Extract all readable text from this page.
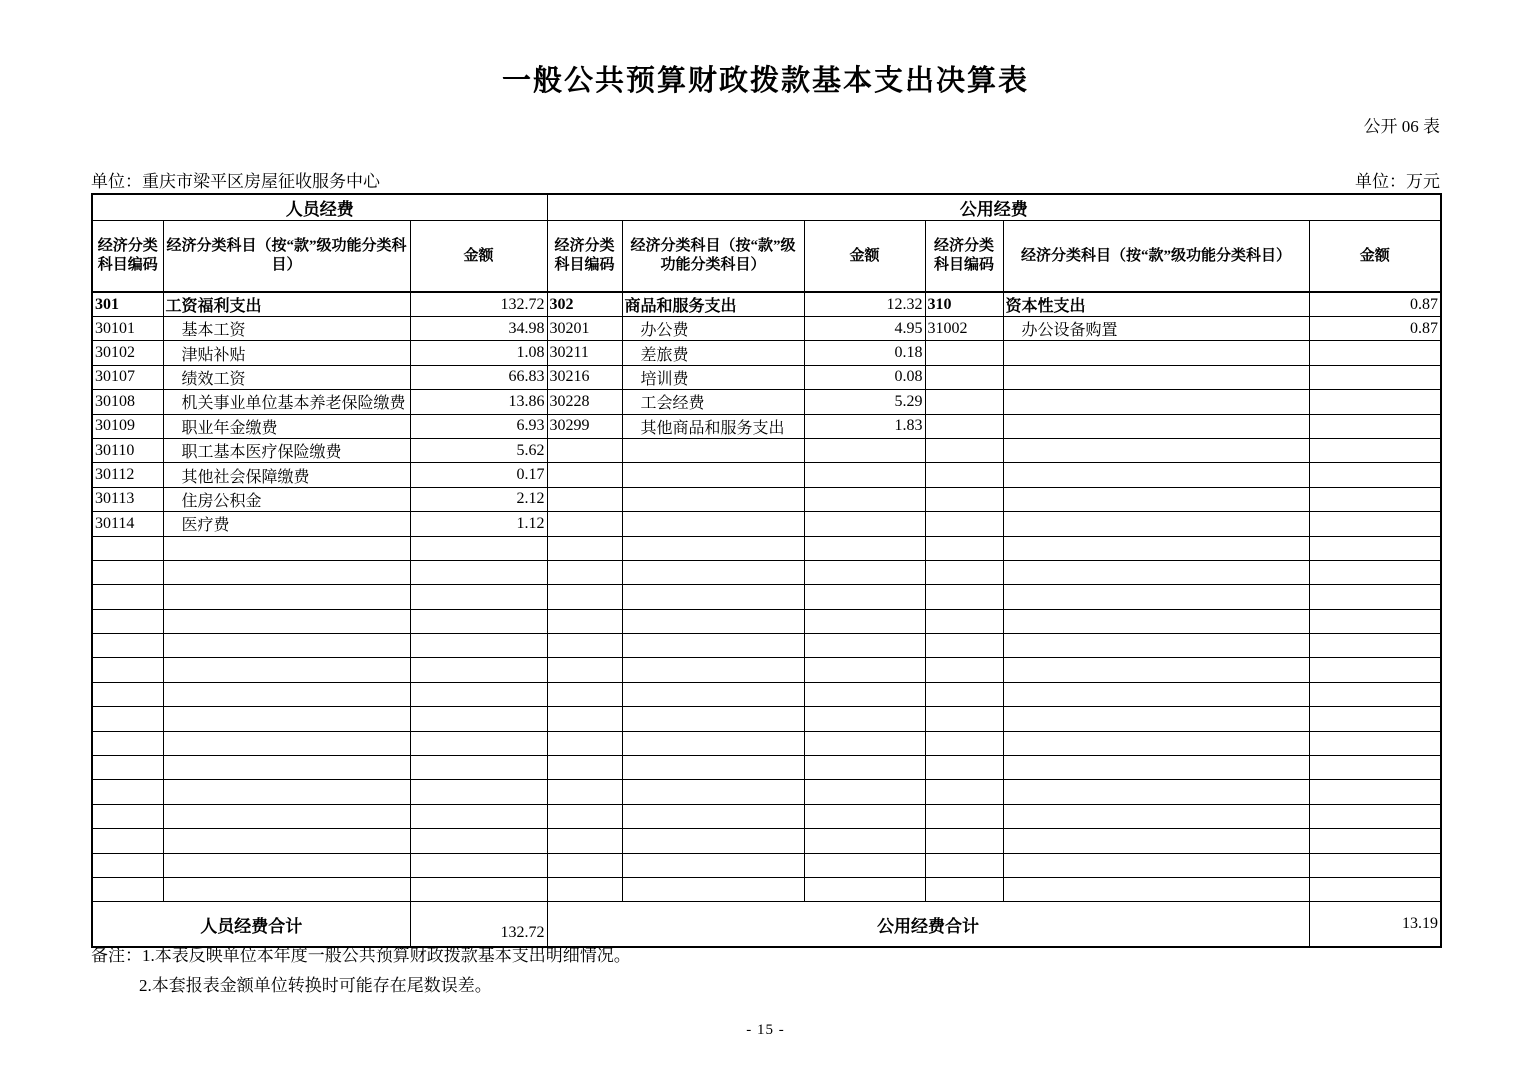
一般公共预算财政拨款基本支出决算表
公开 06 表
单位：重庆市梁平区房屋征收服务中心	单位：万元
人员经费			公用经费					
经济分类科目编码	经济分类科目（按“款”级功能分类科目）	金额	经济分类科目编码	经济分类科目（按“款”级功能分类科目）	金额	经济分类科目编码	经济分类科目（按“款”级功能分类科目）	金额
301	工资福利支出	132.72	302	商品和服务支出	12.32	310	资本性支出	0.87
30101	基本工资	34.98	30201	办公费	4.95	31002	办公设备购置	0.87
30102	津贴补贴	1.08	30211	差旅费	0.18			
30107	绩效工资	66.83	30216	培训费	0.08			
30108	机关事业单位基本养老保险缴费	13.86	30228	工会经费	5.29			
30109	职业年金缴费	6.93	30299	其他商品和服务支出	1.83			
30110	职工基本医疗保险缴费	5.62						
30112	其他社会保障缴费	0.17						
30113	住房公积金	2.12						
30114	医疗费	1.12						

人员经费合计		132.72	公用经费合计					13.19
备注：1.本表反映单位本年度一般公共预算财政拨款基本支出明细情况。
2.本套报表金额单位转换时可能存在尾数误差。
- 15 -
